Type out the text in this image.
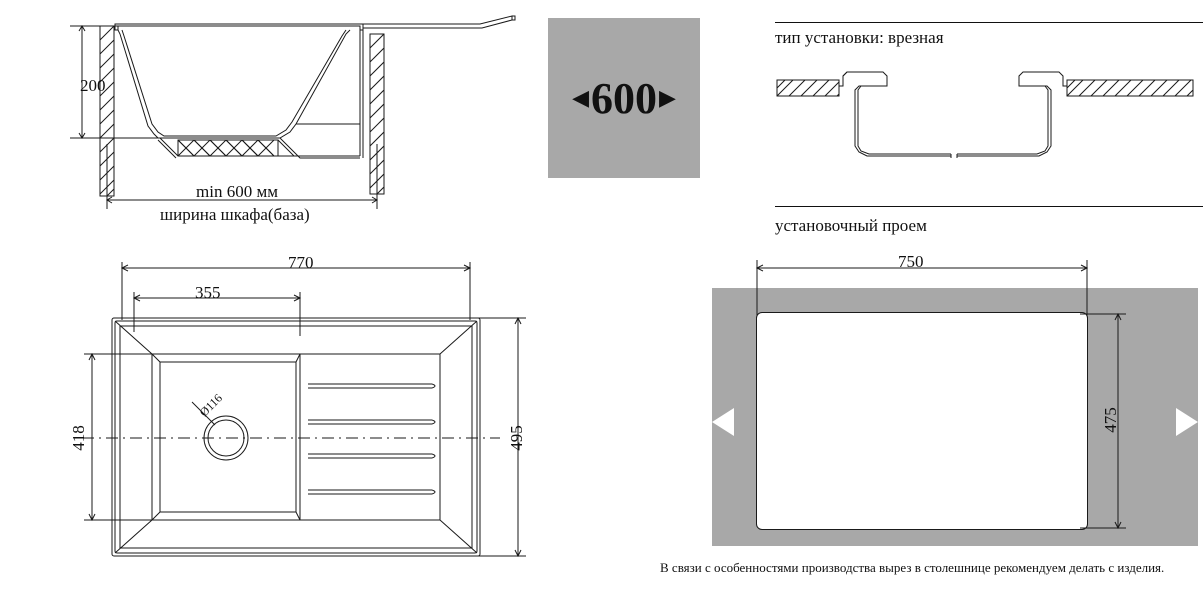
200
min 600 мм
ширина шкафа(база)
◀ 600 ▶
тип установки: врезная
установочный проем
750
475
В связи с особенностями производства вырез в столешнице рекомендуем делать с изделия.
770
355
418	495
Ø116
